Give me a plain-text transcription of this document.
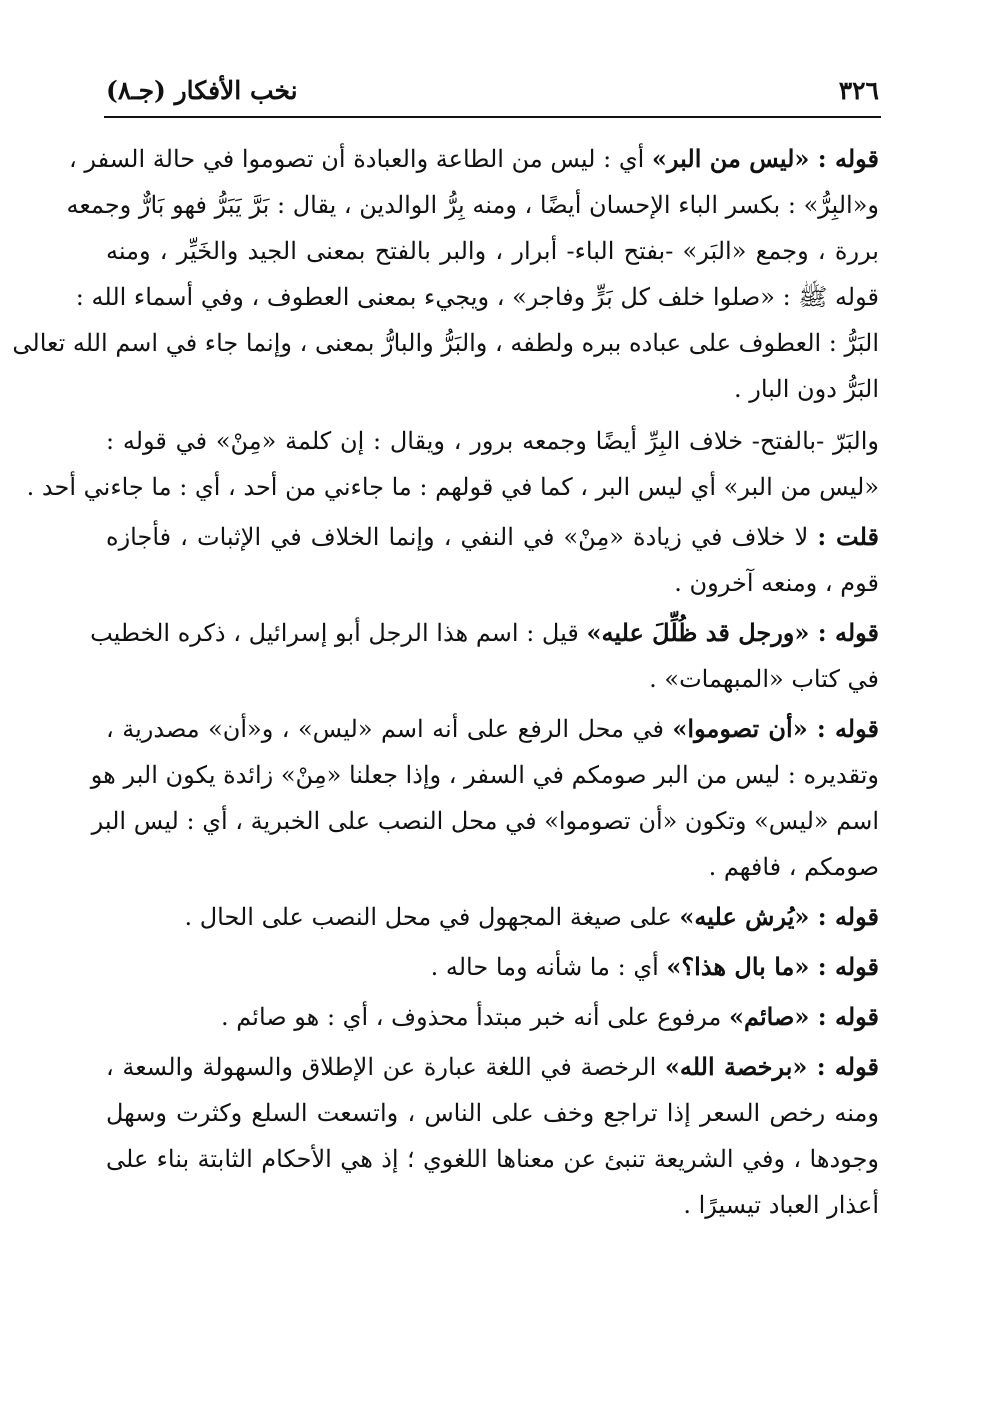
٣٢٦
نخب الأفكار (جـ٨)
قوله : «ليس من البر» أي : ليس من الطاعة والعبادة أن تصوموا في حالة السفر ،
و«البِرُّ» : بكسر الباء الإحسان أيضًا ، ومنه بِرُّ الوالدين ، يقال : بَرَّ يَبَرُّ فهو بَارٌّ وجمعه
بررة ، وجمع «البَر» -بفتح الباء- أبرار ، والبر بالفتح بمعنى الجيد والخَيِّر ، ومنه
قوله ﷺ : «صلوا خلف كل بَرٍّ وفاجر» ، ويجيء بمعنى العطوف ، وفي أسماء الله :
البَرُّ : العطوف على عباده ببره ولطفه ، والبَرُّ والبارُّ بمعنى ، وإنما جاء في اسم الله تعالى
البَرُّ دون البار .
والبَرّ -بالفتح- خلاف البِرِّ أيضًا وجمعه برور ، ويقال : إن كلمة «مِنْ» في قوله :
«ليس من البر» أي ليس البر ، كما في قولهم : ما جاءني من أحد ، أي : ما جاءني أحد .
قلت : لا خلاف في زيادة «مِنْ» في النفي ، وإنما الخلاف في الإثبات ، فأجازه
قوم ، ومنعه آخرون .
قوله : «ورجل قد ظُلِّلَ عليه» قيل : اسم هذا الرجل أبو إسرائيل ، ذكره الخطيب
في كتاب «المبهمات» .
قوله : «أن تصوموا» في محل الرفع على أنه اسم «ليس» ، و«أن» مصدرية ،
وتقديره : ليس من البر صومكم في السفر ، وإذا جعلنا «مِنْ» زائدة يكون البر هو
اسم «ليس» وتكون «أن تصوموا» في محل النصب على الخبرية ، أي : ليس البر
صومكم ، فافهم .
قوله : «يُرش عليه» على صيغة المجهول في محل النصب على الحال .
قوله : «ما بال هذا؟» أي : ما شأنه وما حاله .
قوله : «صائم» مرفوع على أنه خبر مبتدأ محذوف ، أي : هو صائم .
قوله : «برخصة الله» الرخصة في اللغة عبارة عن الإطلاق والسهولة والسعة ،
ومنه رخص السعر إذا تراجع وخف على الناس ، واتسعت السلع وكثرت وسهل
وجودها ، وفي الشريعة تنبئ عن معناها اللغوي ؛ إذ هي الأحكام الثابتة بناء على
أعذار العباد تيسيرًا .
